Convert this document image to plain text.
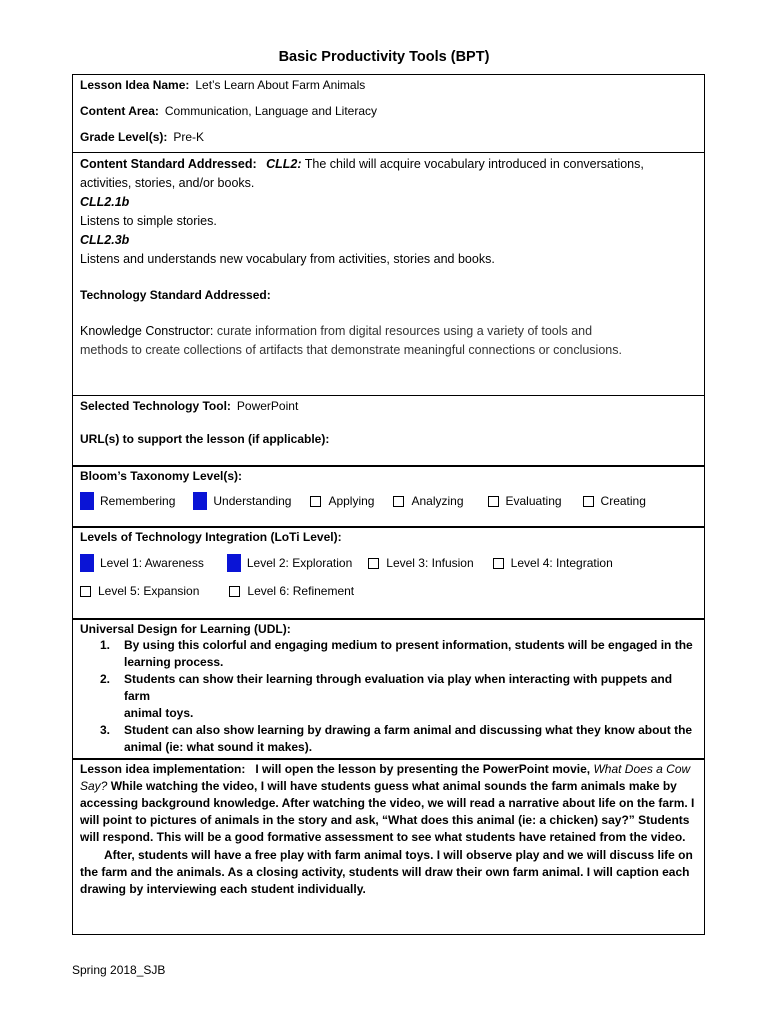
Basic Productivity Tools (BPT)
Lesson Idea Name: Let’s Learn About Farm Animals
Content Area: Communication, Language and Literacy
Grade Level(s): Pre-K
Content Standard Addressed: CLL2: The child will acquire vocabulary introduced in conversations,
activities, stories, and/or books.
CLL2.1b
Listens to simple stories.
CLL2.3b
Listens and understands new vocabulary from activities, stories and books.
Technology Standard Addressed:
Knowledge Constructor: curate information from digital resources using a variety of tools and
methods to create collections of artifacts that demonstrate meaningful connections or conclusions.
Selected Technology Tool: PowerPoint
URL(s) to support the lesson (if applicable):
Bloom’s Taxonomy Level(s):
Remembering	Understanding	Applying	Analyzing	Evaluating	Creating
Levels of Technology Integration (LoTi Level):
Level 1: Awareness	Level 2: Exploration	Level 3: Infusion	Level 4: Integration
Level 5: Expansion	Level 6: Refinement
Universal Design for Learning (UDL):
1. By using this colorful and engaging medium to present information, students will be engaged in the
learning process.
2. Students can show their learning through evaluation via play when interacting with puppets and farm
animal toys.
3. Student can also show learning by drawing a farm animal and discussing what they know about the
animal (ie: what sound it makes).
Lesson idea implementation: I will open the lesson by presenting the PowerPoint movie, What Does a Cow Say? While watching the video, I will have students guess what animal sounds the farm animals make by accessing background knowledge. After watching the video, we will read a narrative about life on the farm. I will point to pictures of animals in the story and ask, “What does this animal (ie: a chicken) say?” Students will respond. This will be a good formative assessment to see what students have retained from the video.
After, students will have a free play with farm animal toys. I will observe play and we will discuss life on the farm and the animals. As a closing activity, students will draw their own farm animal. I will caption each drawing by interviewing each student individually.
Spring 2018_SJB
